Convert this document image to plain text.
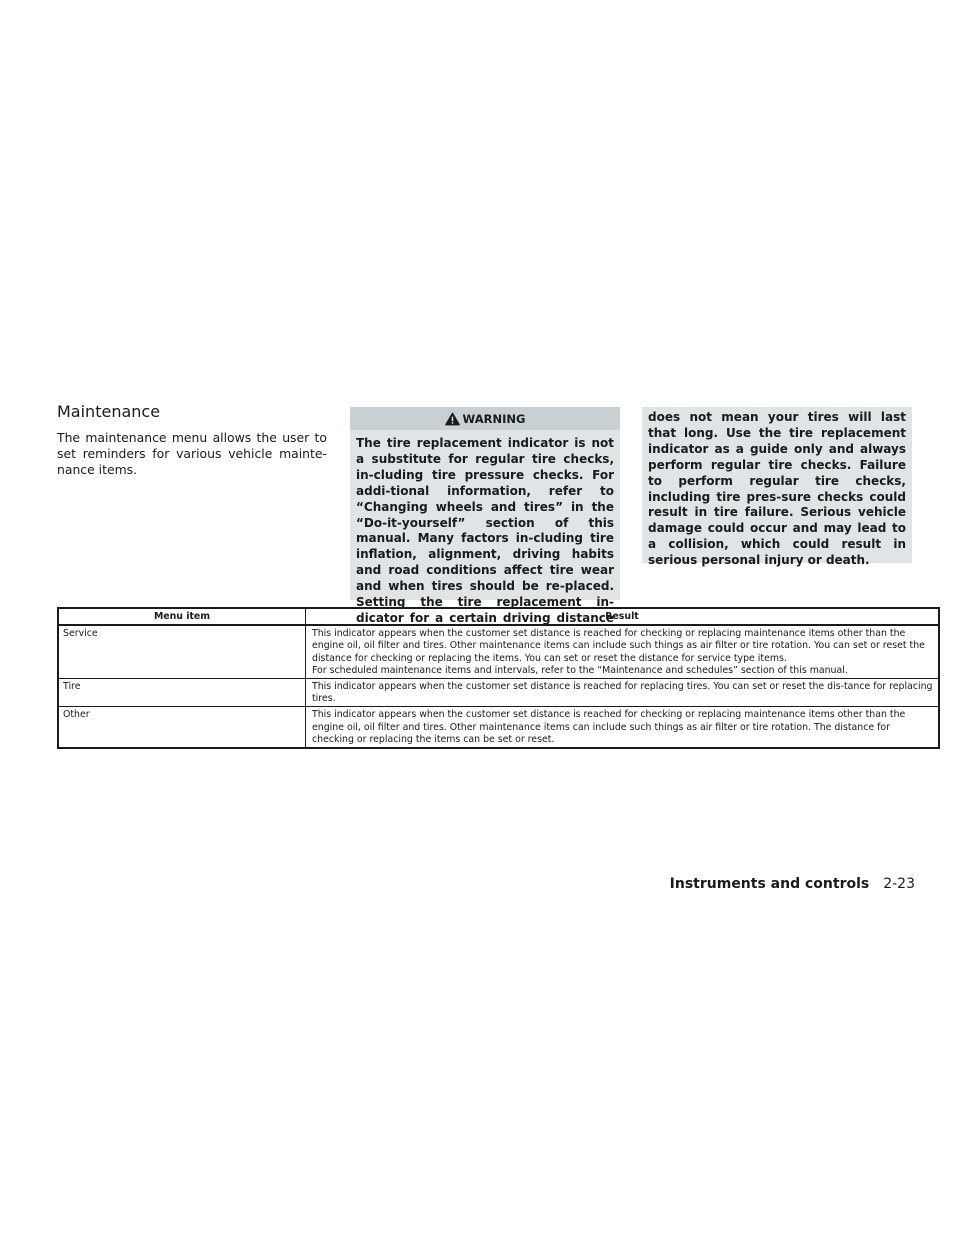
Maintenance

The maintenance menu allows the user to set reminders for various vehicle mainte-nance items.

WARNING

The tire replacement indicator is not a substitute for regular tire checks, in-cluding tire pressure checks. For addi-tional information, refer to “Changing wheels and tires” in the “Do-it-yourself” section of this manual. Many factors in-cluding tire inflation, alignment, driving habits and road conditions affect tire wear and when tires should be re-placed. Setting the tire replacement in-dicator for a certain driving distance

does not mean your tires will last that long. Use the tire replacement indicator as a guide only and always perform regular tire checks. Failure to perform regular tire checks, including tire pres-sure checks could result in tire failure. Serious vehicle damage could occur and may lead to a collision, which could result in serious personal injury or death.

Menu item	Result
Service	This indicator appears when the customer set distance is reached for checking or replacing maintenance items other than the engine oil, oil filter and tires. Other maintenance items can include such things as air filter or tire rotation. You can set or reset the distance for checking or replacing the items. You can set or reset the distance for service type items.
For scheduled maintenance items and intervals, refer to the “Maintenance and schedules” section of this manual.

Tire	This indicator appears when the customer set distance is reached for replacing tires. You can set or reset the dis-tance for replacing tires.

Other	This indicator appears when the customer set distance is reached for checking or replacing maintenance items other than the engine oil, oil filter and tires. Other maintenance items can include such things as air filter or tire rotation. The distance for checking or replacing the items can be set or reset.
Instruments and controls 2-23
